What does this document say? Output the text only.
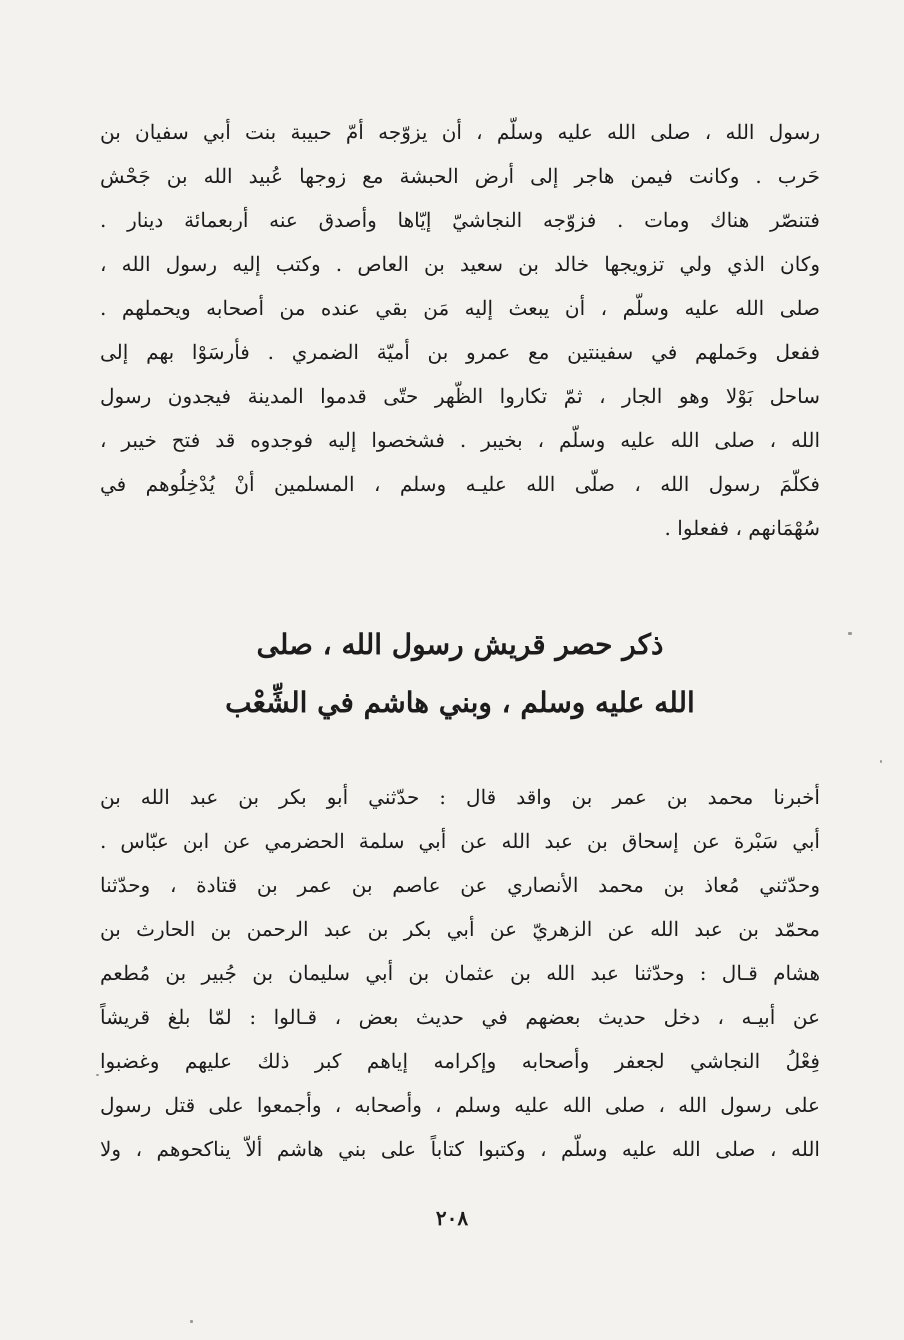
رسول الله ، صلى الله عليه وسلّم ، أن يزوّجه أمّ حبيبة بنت أبي سفيان بن
حَرب . وكانت فيمن هاجر إلى أرض الحبشة مع زوجها عُبيد الله بن جَحْش
فتنصّر هناك ومات . فزوّجه النجاشيّ إيّاها وأصدق عنه أربعمائة دينار .
وكان الذي ولي تزويجها خالد بن سعيد بن العاص . وكتب إليه رسول الله ،
صلى الله عليه وسلّم ، أن يبعث إليه مَن بقي عنده من أصحابه ويحملهم .
ففعل وحَملهم في سفينتين مع عمرو بن أميّة الضمري . فأرسَوْا بهم إلى
ساحل بَوْلا وهو الجار ، ثمّ تكاروا الظّهر حتّى قدموا المدينة فيجدون رسول
الله ، صلى الله عليه وسلّم ، بخيبر . فشخصوا إليه فوجدوه قد فتح خيبر ،
فكلّمَ رسول الله ، صلّى الله عليـه وسلم ، المسلمين أنْ يُدْخِلُوهم في
سُهْمَانهم ، ففعلوا .
ذكر حصر قريش رسول الله ، صلى
الله عليه وسلم ، وبني هاشم في الشِّعْب
أخبرنا محمد بن عمر بن واقد قال : حدّثني أبو بكر بن عبد الله بن
أبي سَبْرة عن إسحاق بن عبد الله عن أبي سلمة الحضرمي عن ابن عبّاس .
وحدّثني مُعاذ بن محمد الأنصاري عن عاصم بن عمر بن قتادة ، وحدّثنا
محمّد بن عبد الله عن الزهريّ عن أبي بكر بن عبد الرحمن بن الحارث بن
هشام قـال : وحدّثنا عبد الله بن عثمان بن أبي سليمان بن جُبير بن مُطعم
عن أبيـه ، دخل حديث بعضهم في حديث بعض ، قـالوا : لمّا بلغ قريشاً
فِعْلُ النجاشي لجعفر وأصحابه وإكرامه إياهم كبر ذلك عليهم وغضبوا
على رسول الله ، صلى الله عليه وسلم ، وأصحابه ، وأجمعوا على قتل رسول
الله ، صلى الله عليه وسلّم ، وكتبوا كتاباً على بني هاشم ألاّ يناكحوهم ، ولا
٢٠٨
